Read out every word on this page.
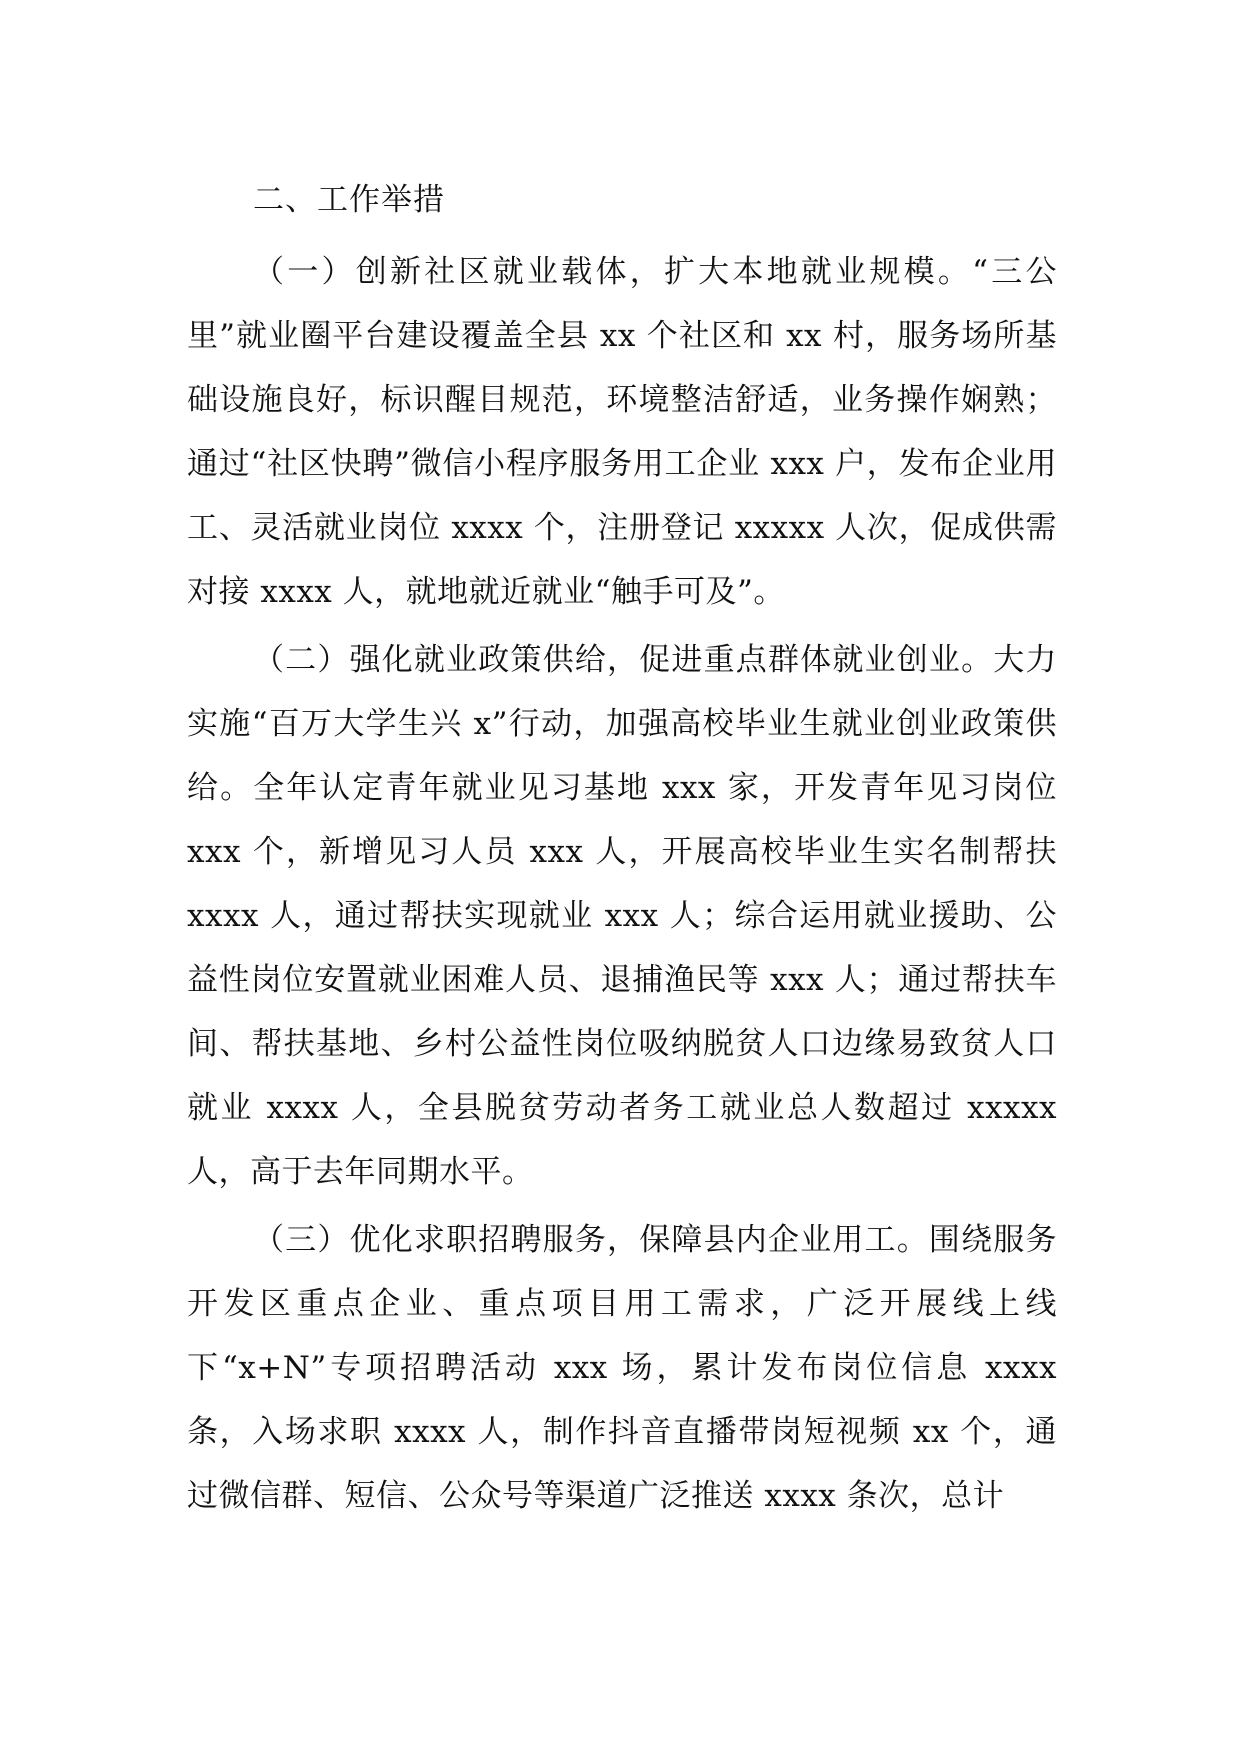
二、工作举措

（一）创新社区就业载体，扩大本地就业规模。“三公里”就业圈平台建设覆盖全县 xx 个社区和 xx 村，服务场所基础设施良好，标识醒目规范，环境整洁舒适，业务操作娴熟；通过“社区快聘”微信小程序服务用工企业 xxx 户，发布企业用工、灵活就业岗位 xxxx 个，注册登记 xxxxx 人次，促成供需对接 xxxx 人，就地就近就业“触手可及”。

（二）强化就业政策供给，促进重点群体就业创业。大力实施“百万大学生兴 x”行动，加强高校毕业生就业创业政策供给。全年认定青年就业见习基地 xxx 家，开发青年见习岗位 xxx 个，新增见习人员 xxx 人，开展高校毕业生实名制帮扶 xxxx 人，通过帮扶实现就业 xxx 人；综合运用就业援助、公益性岗位安置就业困难人员、退捕渔民等 xxx 人；通过帮扶车间、帮扶基地、乡村公益性岗位吸纳脱贫人口边缘易致贫人口就业 xxxx 人，全县脱贫劳动者务工就业总人数超过 xxxxx 人，高于去年同期水平。

（三）优化求职招聘服务，保障县内企业用工。围绕服务开发区重点企业、重点项目用工需求，广泛开展线上线下“x+N”专项招聘活动 xxx 场，累计发布岗位信息 xxxx 条，入场求职 xxxx 人，制作抖音直播带岗短视频 xx 个，通过微信群、短信、公众号等渠道广泛推送 xxxx 条次，总计
